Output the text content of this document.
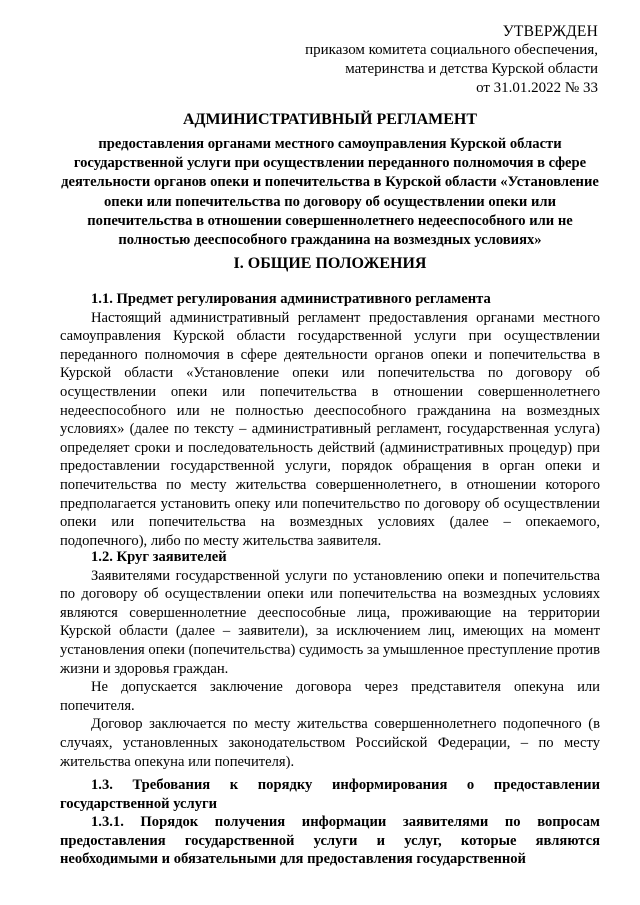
УТВЕРЖДЕН
приказом комитета социального обеспечения,
материнства и детства Курской области
от 31.01.2022 № 33
АДМИНИСТРАТИВНЫЙ РЕГЛАМЕНТ
предоставления органами местного самоуправления Курской области государственной услуги при осуществлении переданного полномочия в сфере деятельности органов опеки и попечительства в Курской области «Установление опеки или попечительства по договору об осуществлении опеки или попечительства в отношении совершеннолетнего недееспособного или не полностью дееспособного гражданина на возмездных условиях»
I. ОБЩИЕ ПОЛОЖЕНИЯ

1.1. Предмет регулирования административного регламента

Настоящий административный регламент предоставления органами местного самоуправления Курской области государственной услуги при осуществлении переданного полномочия в сфере деятельности органов опеки и попечительства в Курской области «Установление опеки или попечительства по договору об осуществлении опеки или попечительства в отношении совершеннолетнего недееспособного или не полностью дееспособного гражданина на возмездных условиях» (далее по тексту – административный регламент, государственная услуга) определяет сроки и последовательность действий (административных процедур) при предоставлении государственной услуги, порядок обращения в орган опеки и попечительства по месту жительства совершеннолетнего, в отношении которого предполагается установить опеку или попечительство по договору об осуществлении опеки или попечительства на возмездных условиях (далее – опекаемого, подопечного), либо по месту жительства заявителя.

1.2. Круг заявителей

Заявителями государственной услуги по установлению опеки и попечительства по договору об осуществлении опеки или попечительства на возмездных условиях являются совершеннолетние дееспособные лица, проживающие на территории Курской области (далее – заявители), за исключением лиц, имеющих на момент установления опеки (попечительства) судимость за умышленное преступление против жизни и здоровья граждан.

Не допускается заключение договора через представителя опекуна или попечителя.

Договор заключается по месту жительства совершеннолетнего подопечного (в случаях, установленных законодательством Российской Федерации, – по месту жительства опекуна или попечителя).

1.3. Требования к порядку информирования о предоставлении государственной услуги

1.3.1. Порядок получения информации заявителями по вопросам предоставления государственной услуги и услуг, которые являются необходимыми и обязательными для предоставления государственной
